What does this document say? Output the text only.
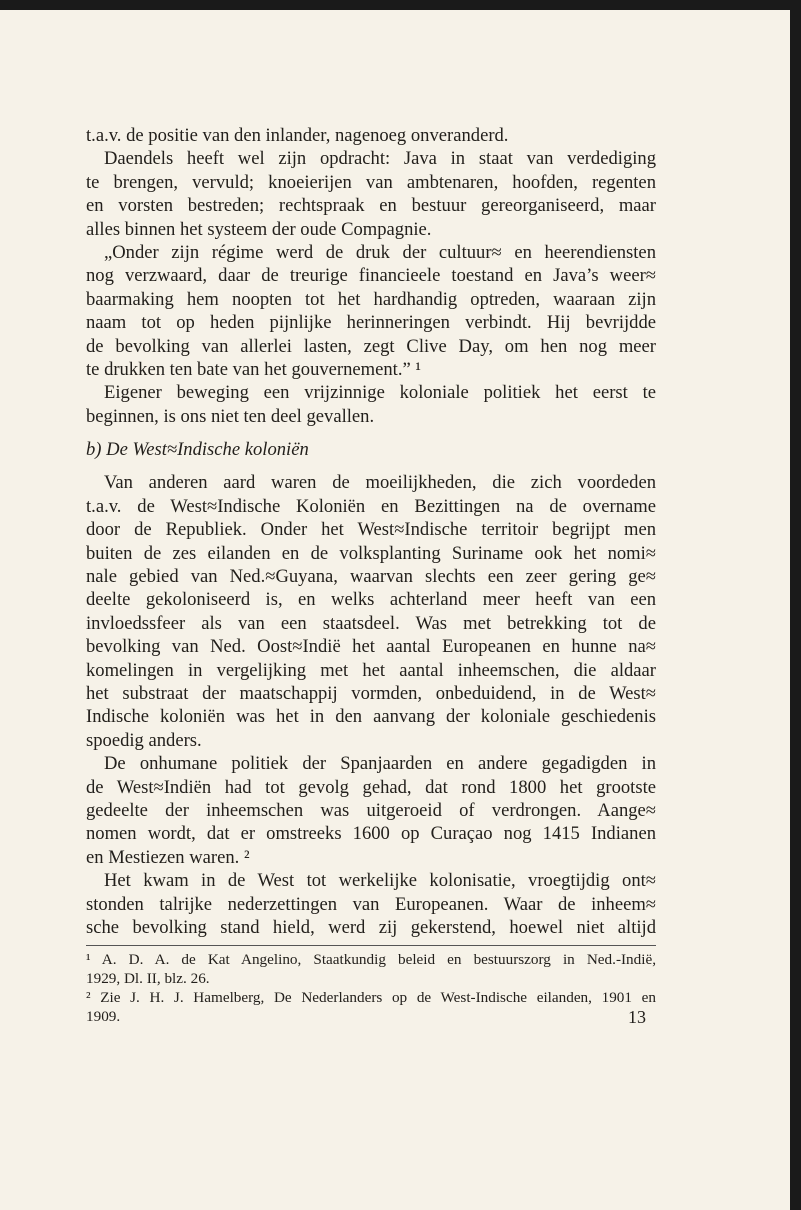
t.a.v. de positie van den inlander, nagenoeg onveranderd.
Daendels heeft wel zijn opdracht: Java in staat van verdediging
te brengen, vervuld; knoeierijen van ambtenaren, hoofden, regenten
en vorsten bestreden; rechtspraak en bestuur gereorganiseerd, maar
alles binnen het systeem der oude Compagnie.
„Onder zijn régime werd de druk der cultuur≈ en heerendiensten
nog verzwaard, daar de treurige financieele toestand en Java’s weer≈
baarmaking hem noopten tot het hardhandig optreden, waaraan zijn
naam tot op heden pijnlijke herinneringen verbindt. Hij bevrijdde
de bevolking van allerlei lasten, zegt Clive Day, om hen nog meer
te drukken ten bate van het gouvernement.” ¹
Eigener beweging een vrijzinnige koloniale politiek het eerst te
beginnen, is ons niet ten deel gevallen.
b) De West≈Indische koloniën
Van anderen aard waren de moeilijkheden, die zich voordeden
t.a.v. de West≈Indische Koloniën en Bezittingen na de overname
door de Republiek. Onder het West≈Indische territoir begrijpt men
buiten de zes eilanden en de volksplanting Suriname ook het nomi≈
nale gebied van Ned.≈Guyana, waarvan slechts een zeer gering ge≈
deelte gekoloniseerd is, en welks achterland meer heeft van een
invloedssfeer als van een staatsdeel. Was met betrekking tot de
bevolking van Ned. Oost≈Indië het aantal Europeanen en hunne na≈
komelingen in vergelijking met het aantal inheemschen, die aldaar
het substraat der maatschappij vormden, onbeduidend, in de West≈
Indische koloniën was het in den aanvang der koloniale geschiedenis
spoedig anders.
De onhumane politiek der Spanjaarden en andere gegadigden in
de West≈Indiën had tot gevolg gehad, dat rond 1800 het grootste
gedeelte der inheemschen was uitgeroeid of verdrongen. Aange≈
nomen wordt, dat er omstreeks 1600 op Curaçao nog 1415 Indianen
en Mestiezen waren. ²
Het kwam in de West tot werkelijke kolonisatie, vroegtijdig ont≈
stonden talrijke nederzettingen van Europeanen. Waar de inheem≈
sche bevolking stand hield, werd zij gekerstend, hoewel niet altijd
¹ A. D. A. de Kat Angelino, Staatkundig beleid en bestuurszorg in Ned.-Indië,
1929, Dl. II, blz. 26.
² Zie J. H. J. Hamelberg, De Nederlanders op de West-Indische eilanden, 1901 en
1909.	13
